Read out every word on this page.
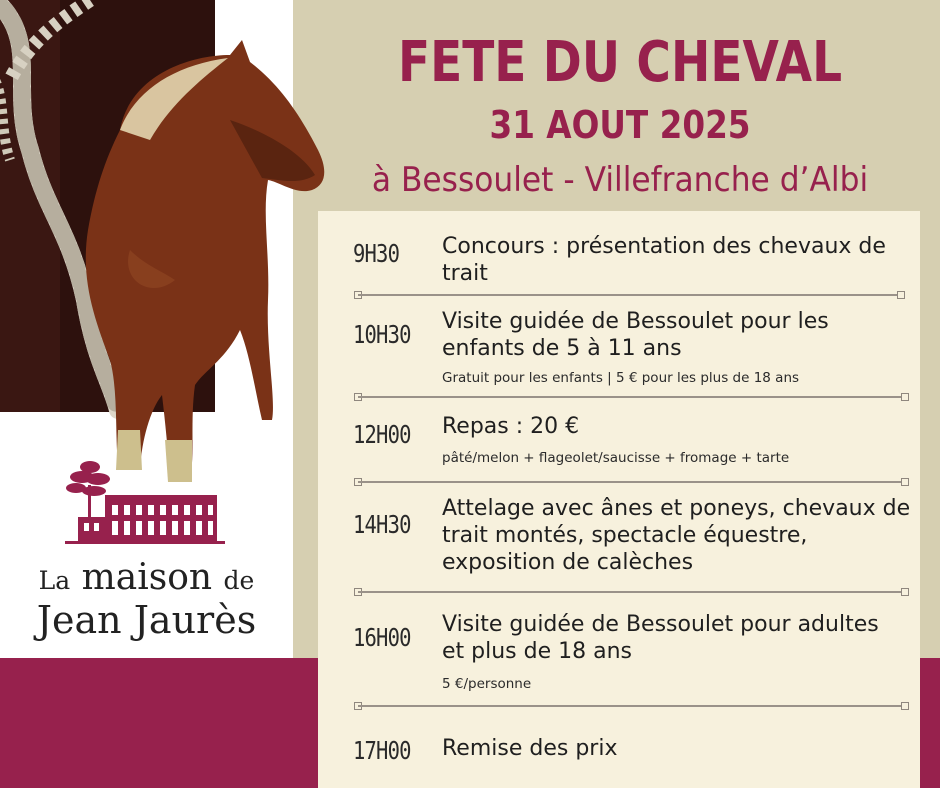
FETE DU CHEVAL
31 AOUT 2025
à Bessoulet - Villefranche d’Albi
9H30 Concours : présentation des chevaux de trait
10H30 Visite guidée de Bessoulet pour les enfants de 5 à 11 ans
Gratuit pour les enfants | 5 € pour les plus de 18 ans
12H00 Repas : 20 €
pâté/melon + flageolet/saucisse + fromage + tarte
14H30
Attelage avec ânes et poneys, chevaux de trait montés, spectacle équestre, exposition de calèches
16H00 Visite guidée de Bessoulet pour adultes et plus de 18 ans
5 €/personne
17H00 Remise des prix
La maison de
Jean Jaurès
